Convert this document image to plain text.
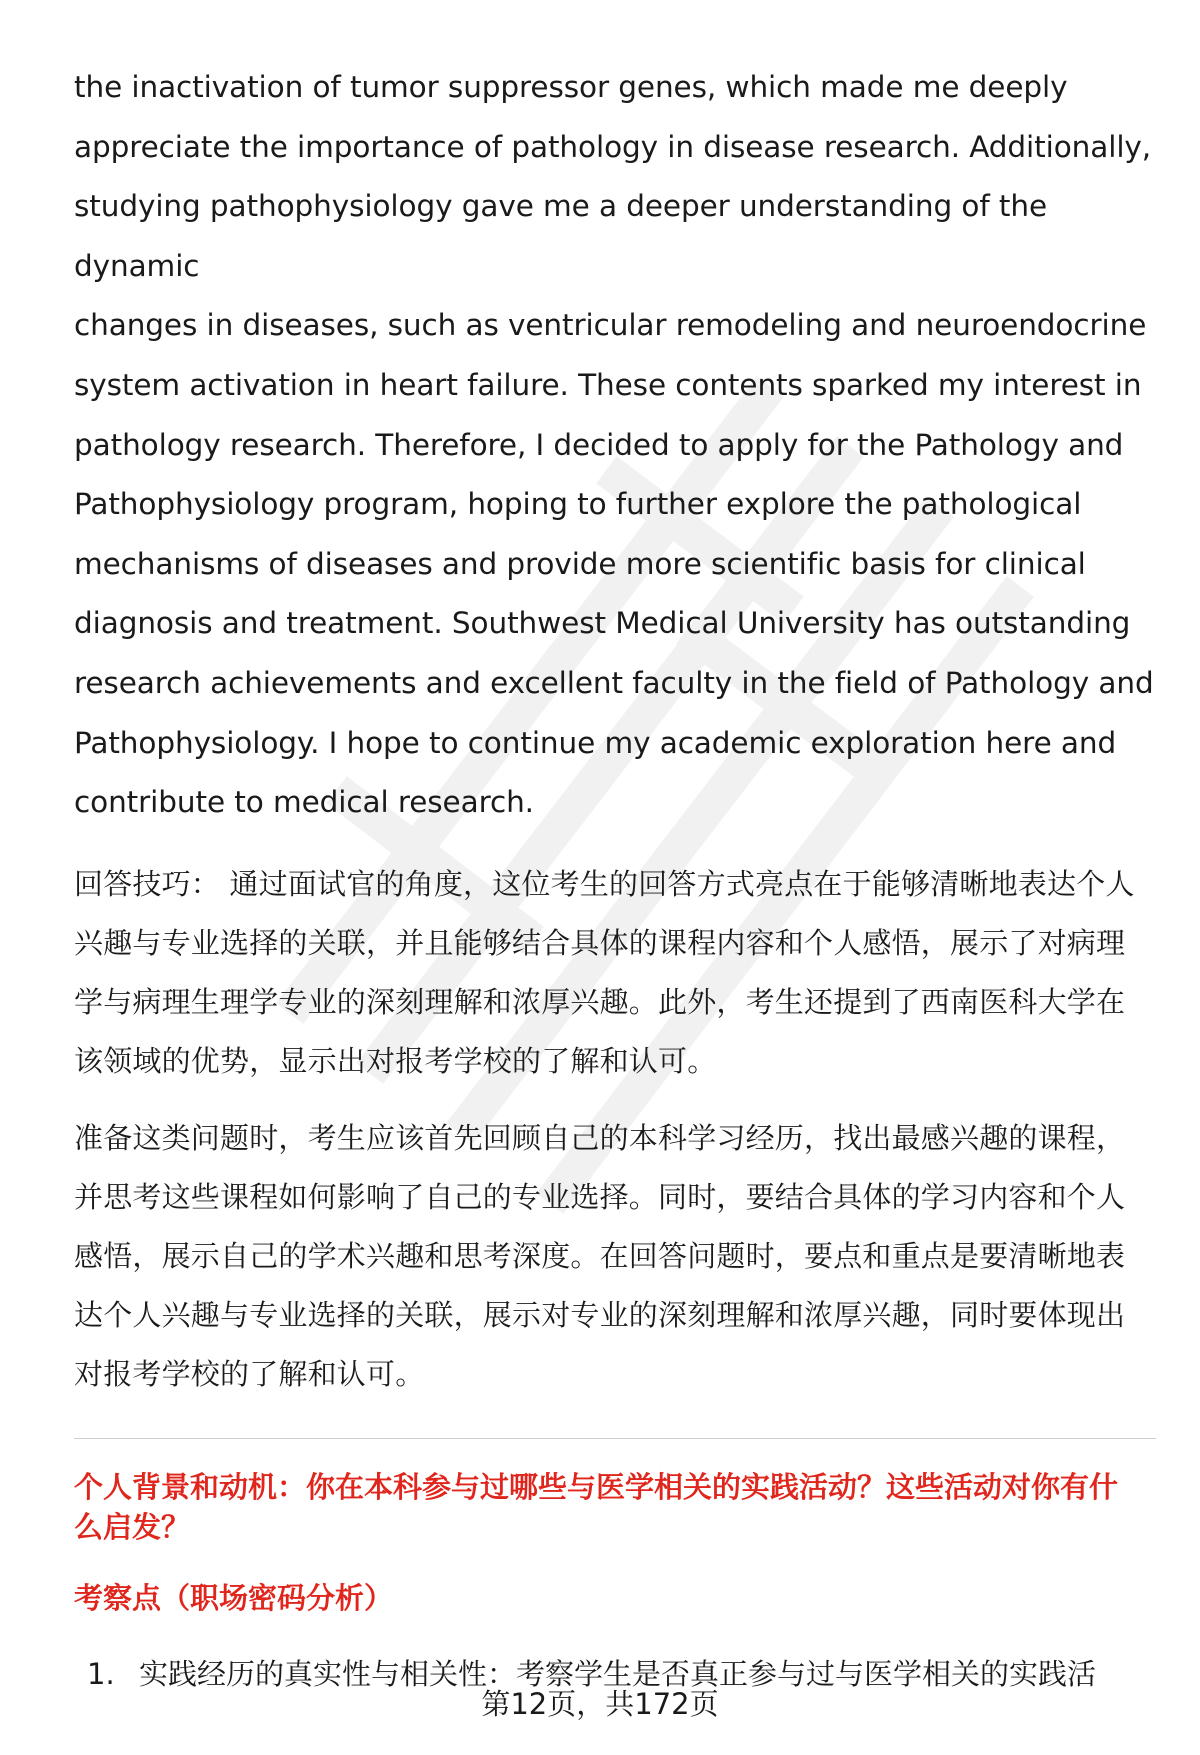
the inactivation of tumor suppressor genes, which made me deeply
appreciate the importance of pathology in disease research. Additionally,
studying pathophysiology gave me a deeper understanding of the dynamic
changes in diseases, such as ventricular remodeling and neuroendocrine
system activation in heart failure. These contents sparked my interest in
pathology research. Therefore, I decided to apply for the Pathology and
Pathophysiology program, hoping to further explore the pathological
mechanisms of diseases and provide more scientific basis for clinical
diagnosis and treatment. Southwest Medical University has outstanding
research achievements and excellent faculty in the field of Pathology and
Pathophysiology. I hope to continue my academic exploration here and
contribute to medical research.
回答技巧： 通过面试官的角度，这位考生的回答方式亮点在于能够清晰地表达个人
兴趣与专业选择的关联，并且能够结合具体的课程内容和个人感悟，展示了对病理
学与病理生理学专业的深刻理解和浓厚兴趣。此外，考生还提到了西南医科大学在
该领域的优势，显示出对报考学校的了解和认可。
准备这类问题时，考生应该首先回顾自己的本科学习经历，找出最感兴趣的课程，
并思考这些课程如何影响了自己的专业选择。同时，要结合具体的学习内容和个人
感悟，展示自己的学术兴趣和思考深度。在回答问题时，要点和重点是要清晰地表
达个人兴趣与专业选择的关联，展示对专业的深刻理解和浓厚兴趣，同时要体现出
对报考学校的了解和认可。
个人背景和动机：你在本科参与过哪些与医学相关的实践活动？这些活动对你有什
么启发？
考察点（职场密码分析）
1. 实践经历的真实性与相关性：考察学生是否真正参与过与医学相关的实践活
第12页，共172页
